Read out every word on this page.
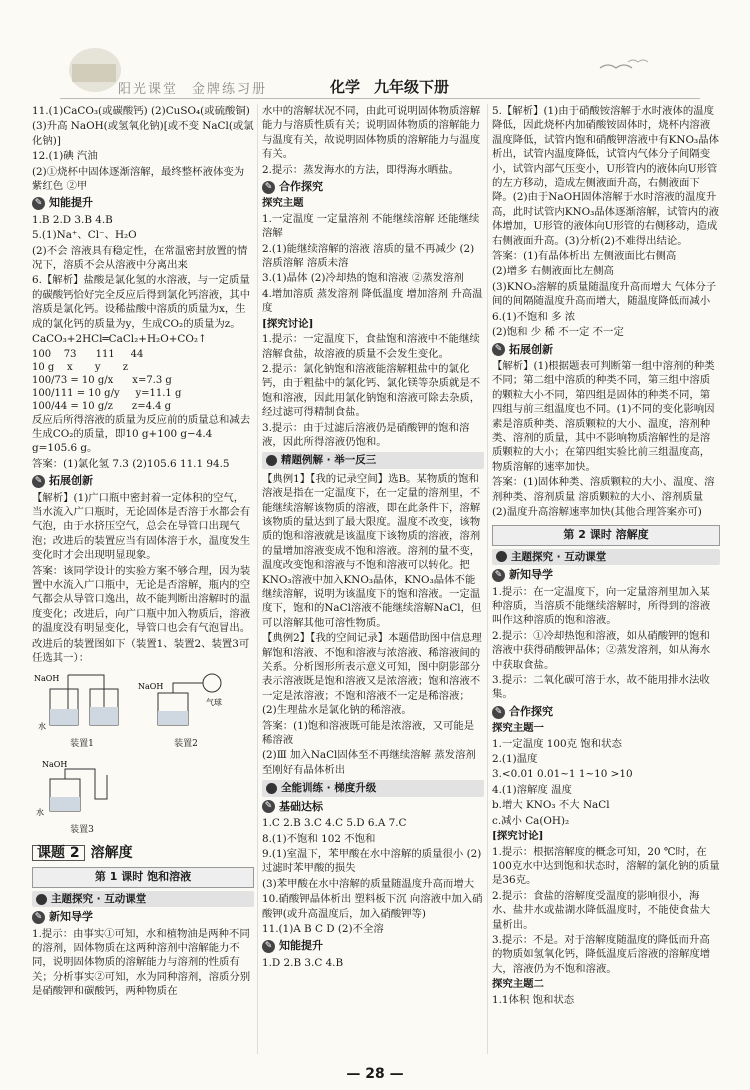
阳光课堂 金牌练习册	化学 九年级下册

11.(1)CaCO₃(或碳酸钙) (2)CuSO₄(或硫酸铜)

(3)升高 NaOH(或氢氧化钠)[或不变 NaCl(或氯化钠)]

12.(1)碘 汽油

(2)①烧杯中固体逐渐溶解，最终整杯液体变为紫红色 ②甲

✎ 知能提升

1.B 2.D 3.B 4.B

5.(1)Na⁺、Cl⁻、H₂O

(2)不会 溶液具有稳定性，在常温密封放置的情况下，溶质不会从溶液中分离出来

6.【解析】盐酸是氯化氢的水溶液，与一定质量的碳酸钙恰好完全反应后得到氯化钙溶液，其中溶质是氯化钙。设稀盐酸中溶质的质量为x，生成的氯化钙的质量为y，生成CO₂的质量为z。

CaCO₃+2HCl═CaCl₂+H₂O+CO₂↑

100    73      111     44
10 g    x       y       z
100/73 = 10 g/x      x=7.3 g
100/111 = 10 g/y     y=11.1 g
100/44 = 10 g/z      z=4.4 g

反应后所得溶液的质量为反应前的质量总和减去生成CO₂的质量，即10 g+100 g−4.4 g=105.6 g。

答案：(1)氯化氢 7.3 (2)105.6 11.1 94.5

✎ 拓展创新

【解析】(1)广口瓶中密封着一定体积的空气，当水流入广口瓶时，无论固体是否溶于水都会有气泡，由于水挤压空气，总会在导管口出现气泡；改进后的装置应当有固体溶于水，温度发生变化时才会出现明显现象。

答案：该同学设计的实验方案不够合理，因为装置中水流入广口瓶中，无论是否溶解，瓶内的空气都会从导管口逸出，故不能判断出溶解时的温度变化；改进后，向广口瓶中加入物质后，溶液的温度没有明显变化，导管口也会有气泡冒出。

改进后的装置图如下（装置1、装置2、装置3可任选其一）：

NaOH
水
装置1
NaOH
气球
装置2
NaOH
水
装置3
课题 2 溶解度
第 1 课时 饱和溶液
主题探究 · 互动课堂
✎ 新知导学

1.提示：由事实①可知，水和植物油是两种不同的溶剂，固体物质在这两种溶剂中溶解能力不同，说明固体物质的溶解能力与溶剂的性质有关；分析事实②可知，水为同种溶剂，溶质分别是硝酸钾和碳酸钙，两种物质在

水中的溶解状况不同，由此可说明固体物质溶解能力与溶质性质有关；说明固体物质的溶解能力与温度有关，故说明固体物质的溶解能力与温度有关。

2.提示：蒸发海水的方法，即得海水晒盐。

✎ 合作探究

探究主题

1.一定温度 一定量溶剂 不能继续溶解 还能继续溶解

2.(1)能继续溶解的溶液 溶质的量不再减少 (2)溶质溶解 溶质未溶

3.(1)晶体 (2)冷却热的饱和溶液 ②蒸发溶剂

4.增加溶质 蒸发溶剂 降低温度 增加溶剂 升高温度

[探究讨论]

1.提示：一定温度下，食盐饱和溶液中不能继续溶解食盐，故溶液的质量不会发生变化。

2.提示：氯化钠饱和溶液能溶解粗盐中的氯化钙，由于粗盐中的氯化钙、氯化镁等杂质就是不饱和溶液，因此用氯化钠饱和溶液可除去杂质，经过滤可得精制食盐。

3.提示：由于过滤后溶液仍是硝酸钾的饱和溶液，因此所得溶液仍饱和。

精题例解 · 举一反三

【典例1】【我的记录空间】选B。某物质的饱和溶液是指在一定温度下，在一定量的溶剂里，不能继续溶解该物质的溶液，即在此条件下，溶解该物质的量达到了最大限度。温度不改变，该物质的饱和溶液就是该温度下该物质的溶液，溶剂的量增加溶液变成不饱和溶液。溶剂的量不变，温度改变饱和溶液与不饱和溶液可以转化。把KNO₃溶液中加入KNO₃晶体，KNO₃晶体不能继续溶解，说明为该温度下的饱和溶液。一定温度下，饱和的NaCl溶液不能继续溶解NaCl，但可以溶解其他可溶性物质。

【典例2】【我的空间记录】本题借助图中信息理解饱和溶液、不饱和溶液与浓溶液、稀溶液间的关系。分析图形所表示意义可知，图中阴影部分表示溶液既是饱和溶液又是浓溶液；饱和溶液不一定是浓溶液；不饱和溶液不一定是稀溶液；(2)生理盐水是氯化钠的稀溶液。

答案：(1)饱和溶液既可能是浓溶液，又可能是稀溶液

(2)Ⅲ 加入NaCl固体至不再继续溶解 蒸发溶剂至刚好有晶体析出

全能训练 · 梯度升级
✎ 基础达标

1.C 2.B 3.C 4.C 5.D 6.A 7.C

8.(1)不饱和 102 不饱和

9.(1)室温下，苯甲酸在水中溶解的质量很小 (2)过滤时苯甲酸的损失

(3)苯甲酸在水中溶解的质量随温度升高而增大

10.硝酸钾晶体析出 塑料板下沉 向溶液中加入硝酸钾(或升高温度后，加入硝酸钾等)

11.(1)A B C D (2)不全溶

✎ 知能提升

1.D 2.B 3.C 4.B

5.【解析】(1)由于硝酸铵溶解于水时液体的温度降低，因此烧杯内加硝酸铵固体时，烧杯内溶液温度降低，试管内饱和硝酸钾溶液中有KNO₃晶体析出，试管内温度降低，试管内气体分子间隔变小，试管内部气压变小，U形管内的液体向U形管的左方移动，造成左侧液面升高，右侧液面下降。(2)由于NaOH固体溶解于水时溶液的温度升高，此时试管内KNO₃晶体逐渐溶解，试管内的液体增加，U形管的液体向U形管的右侧移动，造成右侧液面升高。(3)分析(2)不难得出结论。

答案：(1)有晶体析出 左侧液面比右侧高

(2)增多 右侧液面比左侧高

(3)KNO₃溶解的质量随温度升高而增大 气体分子间的间隔随温度升高而增大，随温度降低而减小

6.(1)不饱和 多 浓

(2)饱和 少 稀 不一定 不一定

✎ 拓展创新

【解析】(1)根据题表可判断第一组中溶剂的种类不同；第二组中溶质的种类不同，第三组中溶质的颗粒大小不同，第四组是固体的种类不同，第四组与前三组温度也不同。(1)不同的变化影响因素是溶质种类、溶质颗粒的大小、温度，溶剂种类、溶剂的质量，其中不影响物质溶解性的是溶质颗粒的大小；在第四组实验比前三组温度高，物质溶解的速率加快。

答案：(1)固体种类、溶质颗粒的大小、温度、溶剂种类、溶剂质量 溶质颗粒的大小、溶剂质量

(2)温度升高溶解速率加快(其他合理答案亦可)

第 2 课时 溶解度
主题探究 · 互动课堂
✎ 新知导学

1.提示：在一定温度下，向一定量溶剂里加入某种溶质，当溶质不能继续溶解时，所得到的溶液叫作这种溶质的饱和溶液。

2.提示：①冷却热饱和溶液，如从硝酸钾的饱和溶液中获得硝酸钾晶体；②蒸发溶剂，如从海水中获取食盐。

3.提示：二氧化碳可溶于水，故不能用排水法收集。

✎ 合作探究

探究主题一

1.一定温度 100克 饱和状态

2.(1)温度

3.<0.01 0.01~1 1~10 >10

4.(1)溶解度 温度

b.增大 KNO₃ 不大 NaCl

c.减小 Ca(OH)₂

[探究讨论]

1.提示：根据溶解度的概念可知，20 ℃时，在100克水中达到饱和状态时，溶解的氯化钠的质量是36克。

2.提示：食盐的溶解度受温度的影响很小，海水、盐井水或盐湖水降低温度时，不能使食盐大量析出。

3.提示：不是。对于溶解度随温度的降低而升高的物质如氢氧化钙，降低温度后溶液的溶解度增大，溶液仍为不饱和溶液。

探究主题二

1.1体积 饱和状态

— 28 —
